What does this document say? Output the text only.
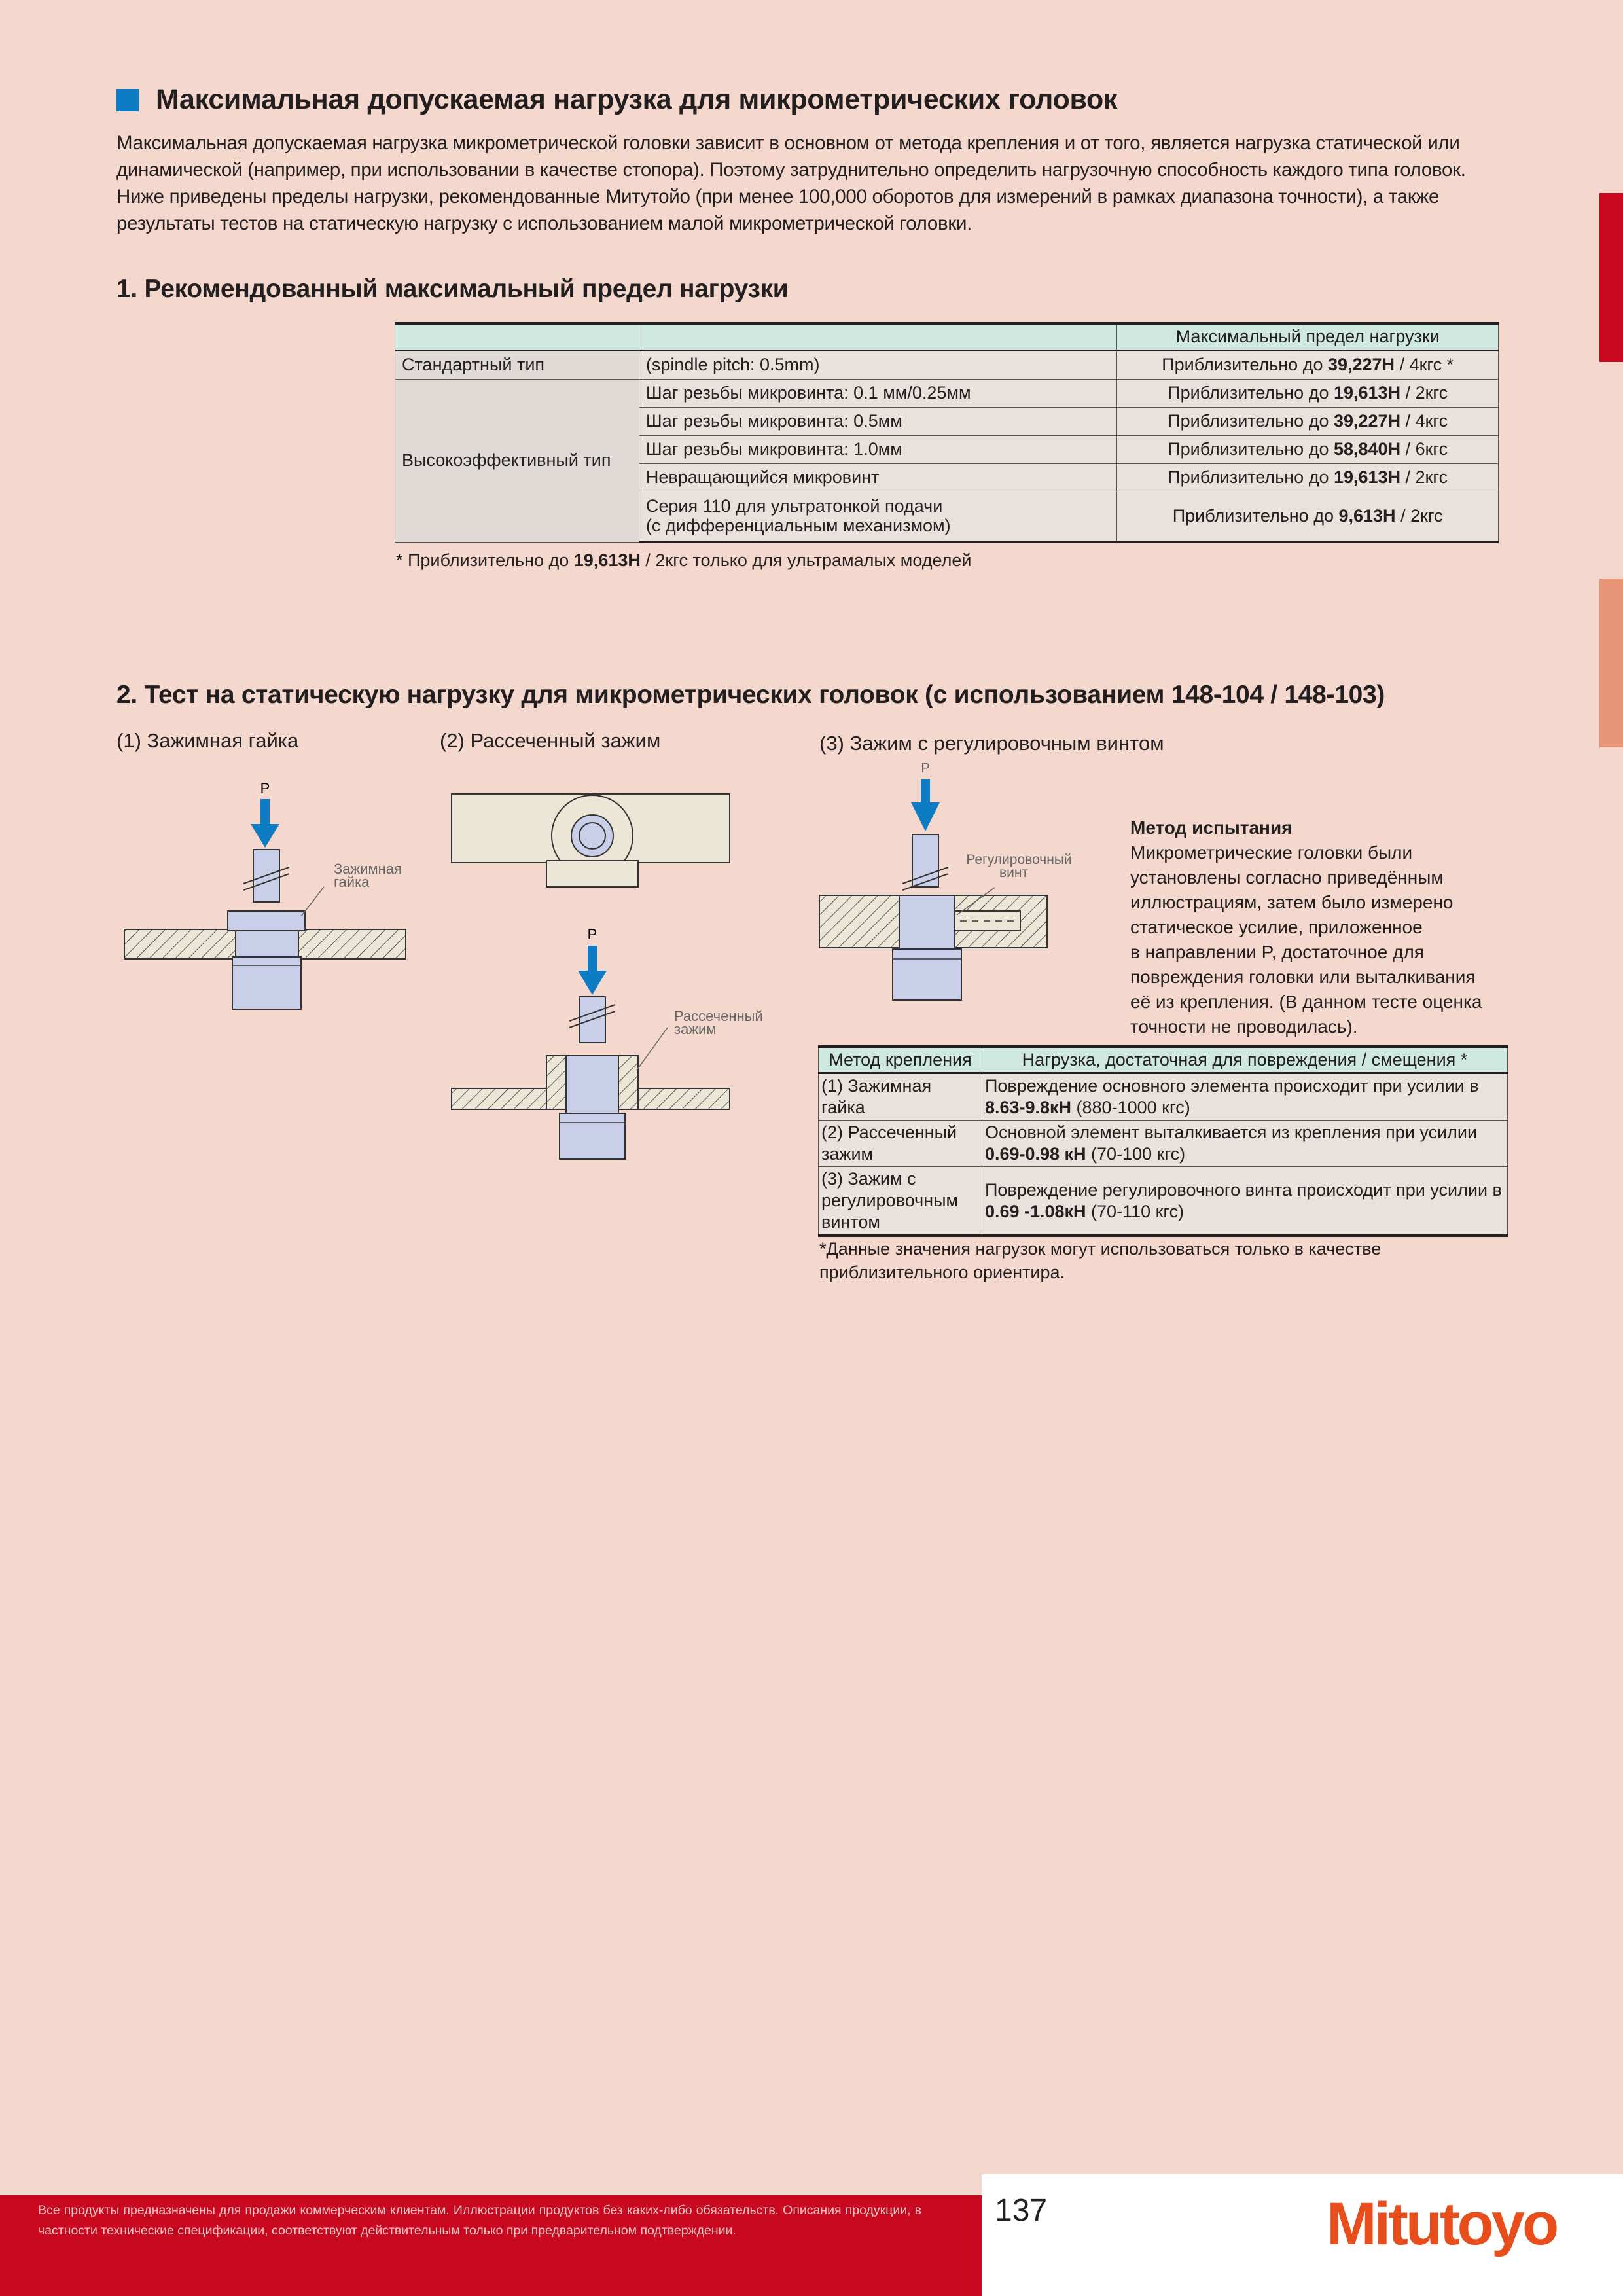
Максимальная допускаемая нагрузка для микрометрических головок

Максимальная допускаемая нагрузка микрометрической головки зависит в основном от метода крепления и от того, является нагрузка статической или

динамической (например, при использовании в качестве стопора). Поэтому затруднительно определить нагрузочную способность каждого типа головок.

Ниже приведены пределы нагрузки, рекомендованные Митутойо (при менее 100,000 оборотов для измерений в рамках диапазона точности), а также

результаты тестов на статическую нагрузку с использованием малой микрометрической головки.

1. Рекомендованный максимальный предел нагрузки
		Максимальный предел нагрузки
Стандартный тип	(spindle pitch: 0.5mm)	Приблизительно до 39,227Н / 4кгс *
Высокоэффективный тип	Шаг резьбы микровинта: 0.1 мм/0.25мм	Приблизительно до 19,613Н / 2кгс
	Шаг резьбы микровинта: 0.5мм	Приблизительно до 39,227Н / 4кгс
	Шаг резьбы микровинта: 1.0мм	Приблизительно до 58,840Н / 6кгс
	Невращающийся микровинт	Приблизительно до 19,613Н / 2кгс
	Серия 110 для ультратонкой подачи
(с дифференциальным механизмом)	Приблизительно до 9,613Н / 2кгс
* Приблизительно до 19,613Н / 2кгс только для ультрамалых моделей
2. Тест на статическую нагрузку для микрометрических головок (с использованием 148-104 / 148-103)
(1) Зажимная гайка	(2) Рассеченный зажим	(3) Зажим с регулировочным винтом
P
Зажимная
гайка
P
Рассеченный
зажим
P
Регулировочный
винт
Метод испытания
Микрометрические головки были
установлены согласно приведённым
иллюстрациям, затем было измерено
статическое усилие, приложенное
в направлении P, достаточное для
повреждения головки или выталкивания
её из крепления. (В данном тесте оценка
точности не проводилась).
Метод крепления	Нагрузка, достаточная для повреждения / смещения *
(1) Зажимная гайка	Повреждение основного элемента происходит при усилии в
8.63-9.8кН (880-1000 кгс)
(2) Рассеченный
зажим	Основной элемент выталкивается из крепления при усилии
0.69-0.98 кН (70-100 кгс)
(3) Зажим с
регулировочным
винтом	Повреждение регулировочного винта происходит при усилии в
0.69 -1.08кН (70-110 кгс)
*Данные значения нагрузок могут использоваться только в качестве
приблизительного ориентира.
Все продукты предназначены для продажи коммерческим клиентам. Иллюстрации продуктов без каких-либо обязательств. Описания продукции, в частности технические спецификации, соответствуют действительным только при предварительном подтверждении.
137	Mitutoyo
